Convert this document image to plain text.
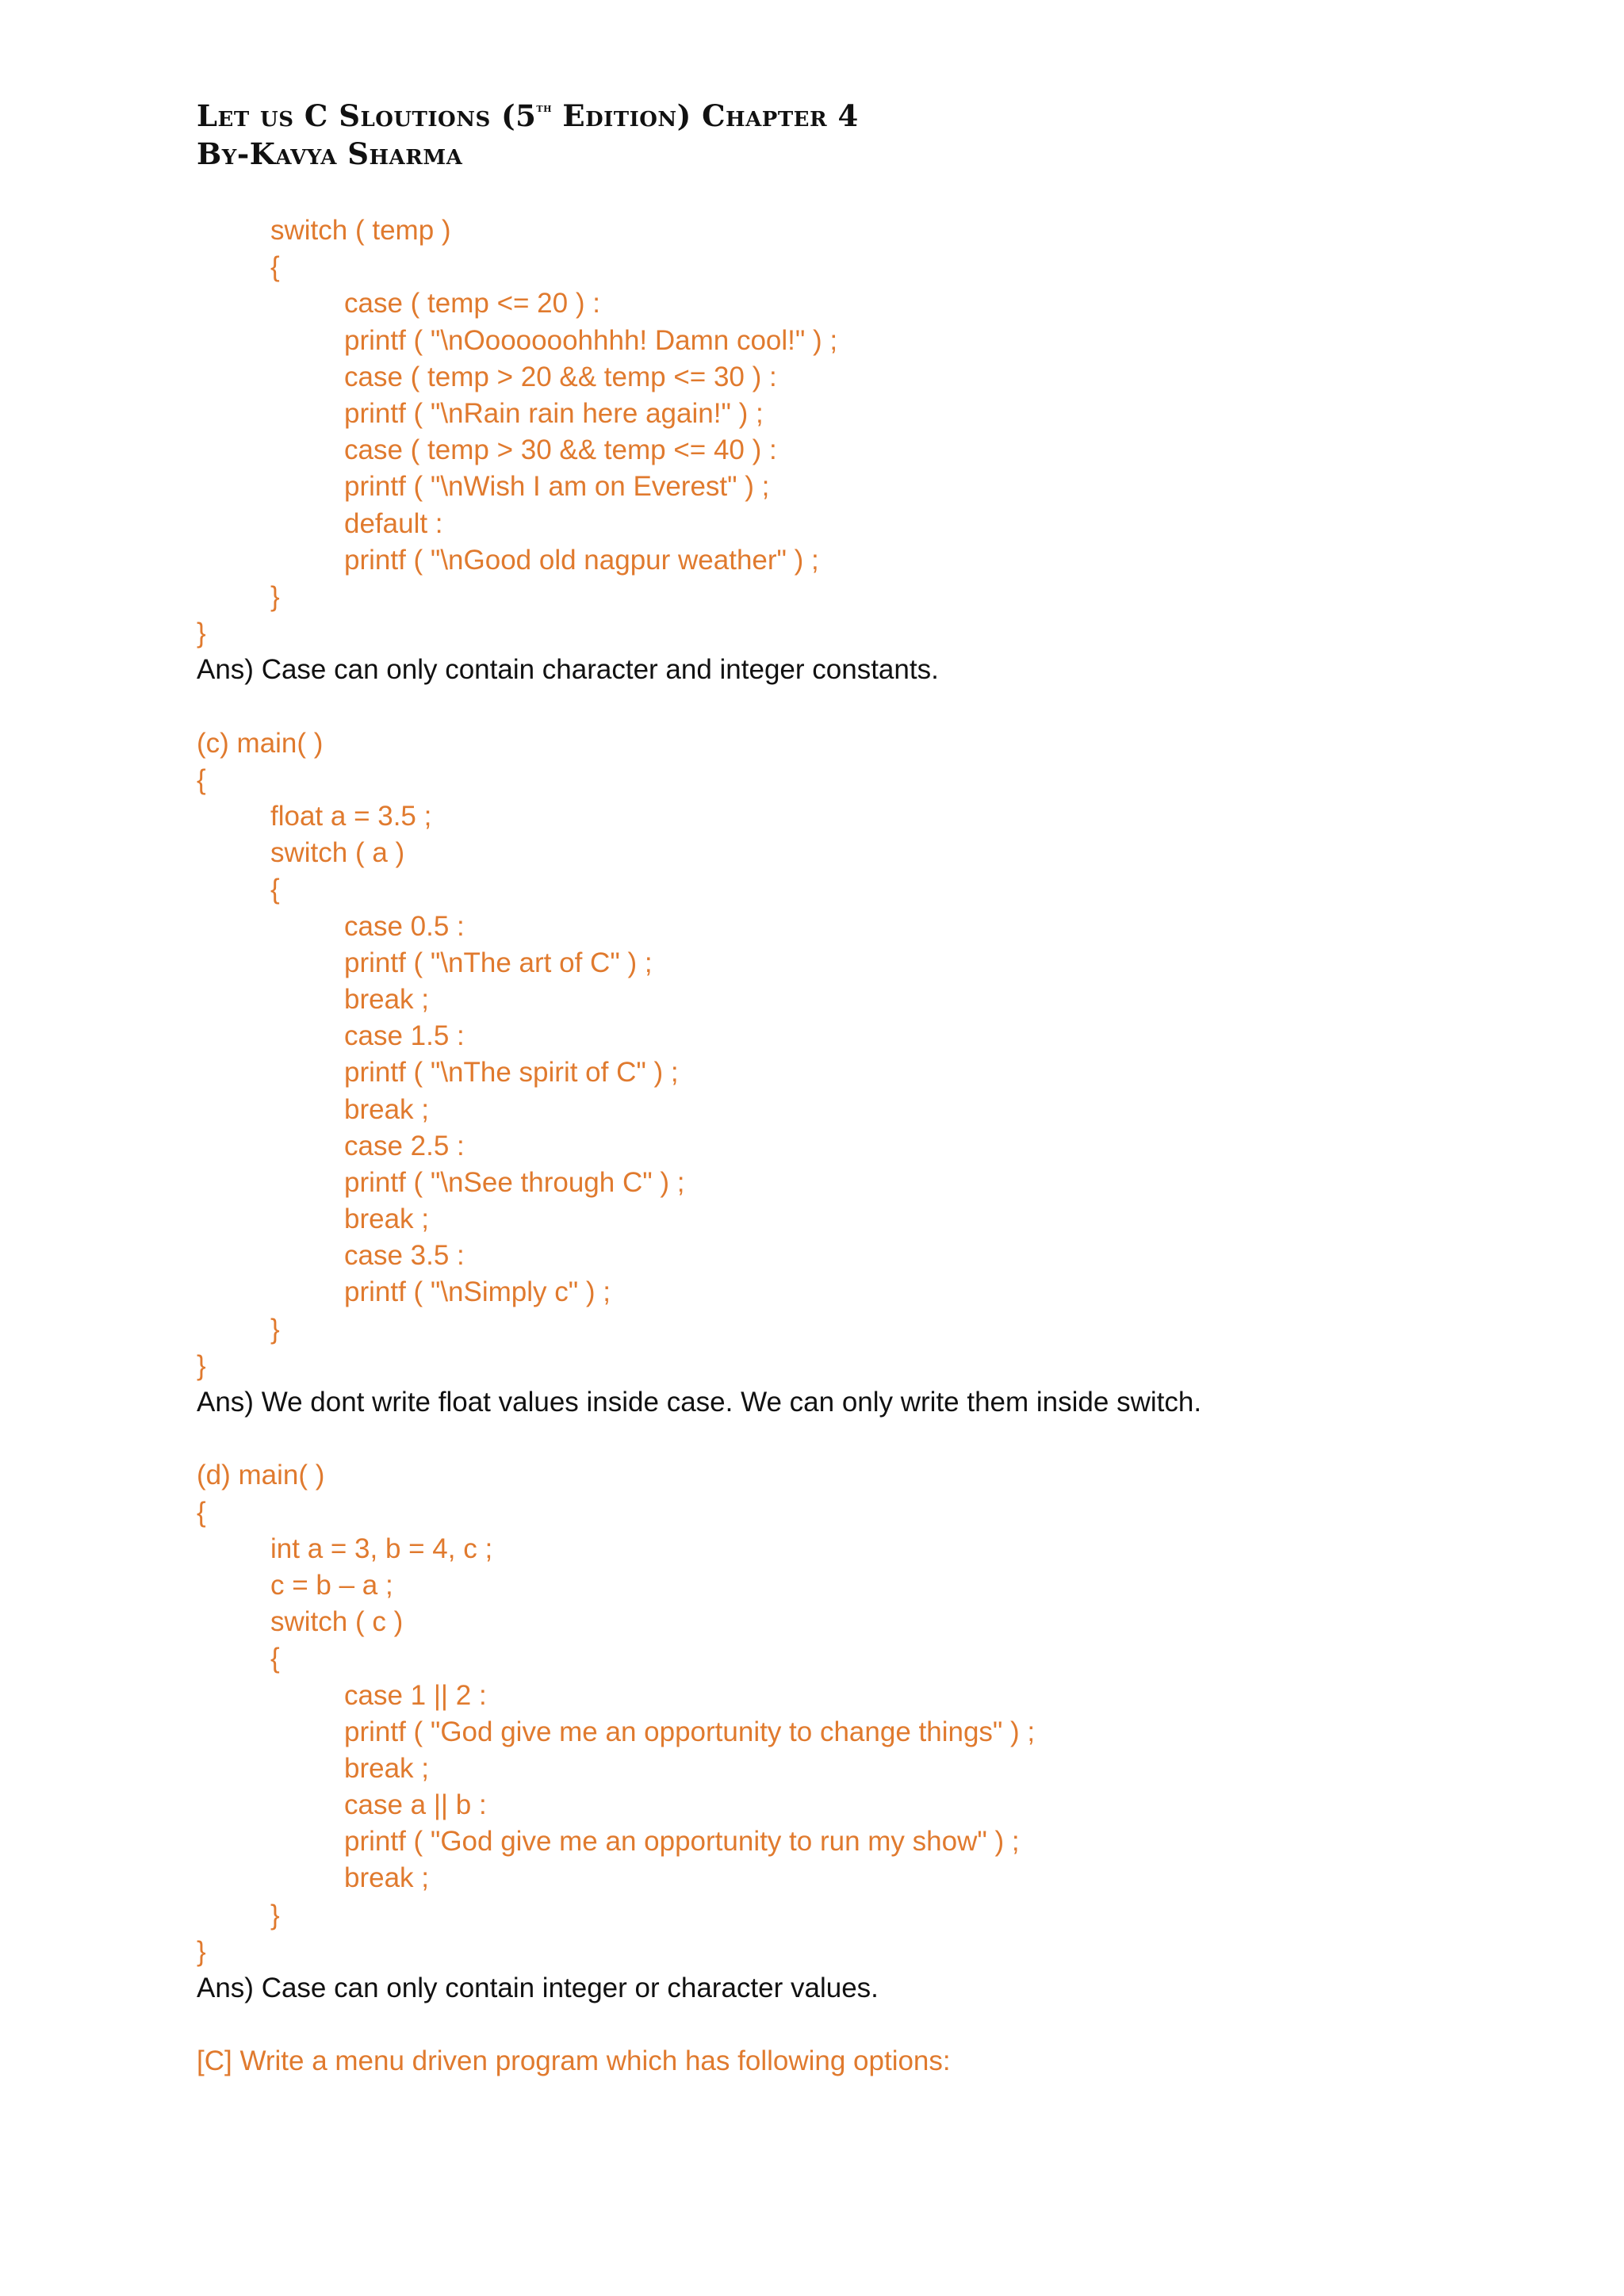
Let us C Sloutions (5th Edition) Chapter 4
By-Kavya Sharma
switch ( temp )
{
case ( temp <= 20 ) :
printf ( "\nOoooooohhhh! Damn cool!" ) ;
case ( temp > 20 && temp <= 30 ) :
printf ( "\nRain rain here again!" ) ;
case ( temp > 30 && temp <= 40 ) :
printf ( "\nWish I am on Everest" ) ;
default :
printf ( "\nGood old nagpur weather" ) ;
}
}
Ans) Case can only contain character and integer constants.
(c) main( )
{
float a = 3.5 ;
switch ( a )
{
case 0.5 :
printf ( "\nThe art of C" ) ;
break ;
case 1.5 :
printf ( "\nThe spirit of C" ) ;
break ;
case 2.5 :
printf ( "\nSee through C" ) ;
break ;
case 3.5 :
printf ( "\nSimply c" ) ;
}
}
Ans) We dont write float values inside case. We can only write them inside switch.
(d) main( )
{
int a = 3, b = 4, c ;
c = b – a ;
switch ( c )
{
case 1 || 2 :
printf ( "God give me an opportunity to change things" ) ;
break ;
case a || b :
printf ( "God give me an opportunity to run my show" ) ;
break ;
}
}
Ans) Case can only contain integer or character values.
[C] Write a menu driven program which has following options:
